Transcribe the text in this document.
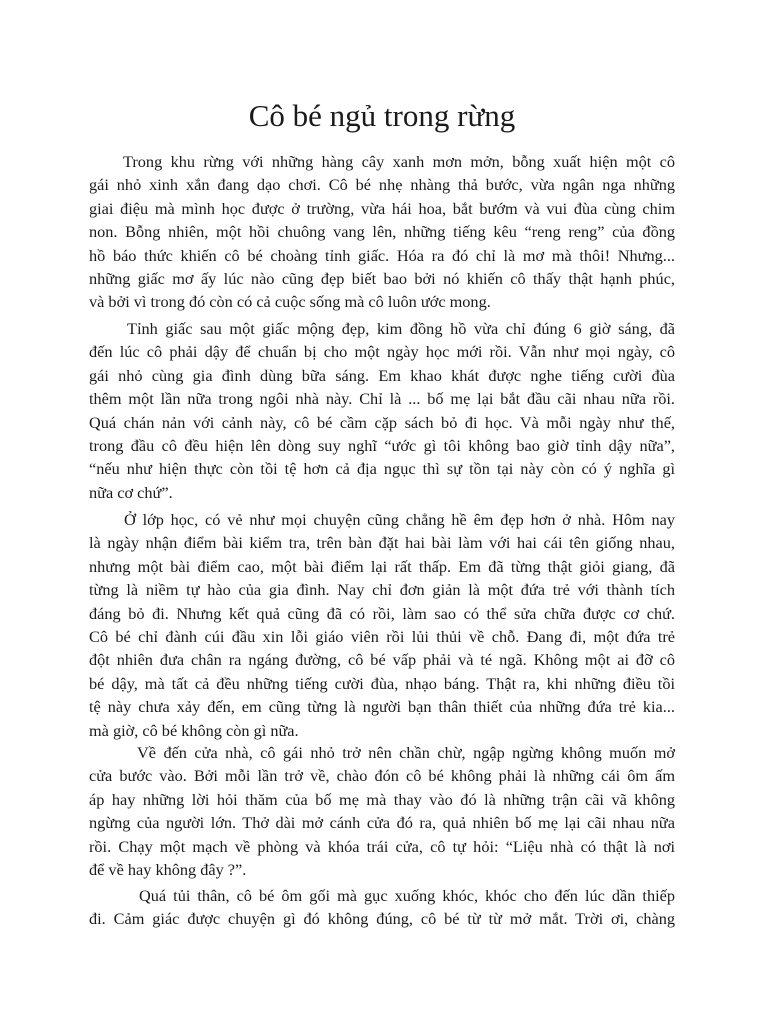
Cô bé ngủ trong rừng

Trong khu rừng với những hàng cây xanh mơn mởn, bỗng xuất hiện một cô
gái nhỏ xinh xắn đang dạo chơi. Cô bé nhẹ nhàng thả bước, vừa ngân nga những
giai điệu mà mình học được ở trường, vừa hái hoa, bắt bướm và vui đùa cùng chim
non. Bỗng nhiên, một hồi chuông vang lên, những tiếng kêu “reng reng” của đồng
hồ báo thức khiến cô bé choàng tỉnh giấc. Hóa ra đó chỉ là mơ mà thôi! Nhưng...
những giấc mơ ấy lúc nào cũng đẹp biết bao bởi nó khiến cô thấy thật hạnh phúc,
và bởi vì trong đó còn có cả cuộc sống mà cô luôn ước mong.

Tỉnh giấc sau một giấc mộng đẹp, kim đồng hồ vừa chỉ đúng 6 giờ sáng, đã
đến lúc cô phải dậy để chuẩn bị cho một ngày học mới rồi. Vẫn như mọi ngày, cô
gái nhỏ cùng gia đình dùng bữa sáng. Em khao khát được nghe tiếng cười đùa
thêm một lần nữa trong ngôi nhà này. Chỉ là ... bố mẹ lại bắt đầu cãi nhau nữa rồi.
Quá chán nản với cảnh này, cô bé cầm cặp sách bỏ đi học. Và mỗi ngày như thế,
trong đầu cô đều hiện lên dòng suy nghĩ “ước gì tôi không bao giờ tỉnh dậy nữa”,
“nếu như hiện thực còn tồi tệ hơn cả địa ngục thì sự tồn tại này còn có ý nghĩa gì
nữa cơ chứ”.

Ở lớp học, có vẻ như mọi chuyện cũng chẳng hề êm đẹp hơn ở nhà. Hôm nay
là ngày nhận điểm bài kiểm tra, trên bàn đặt hai bài làm với hai cái tên giống nhau,
nhưng một bài điểm cao, một bài điểm lại rất thấp. Em đã từng thật giỏi giang, đã
từng là niềm tự hào của gia đình. Nay chỉ đơn giản là một đứa trẻ với thành tích
đáng bỏ đi. Nhưng kết quả cũng đã có rồi, làm sao có thể sửa chữa được cơ chứ.
Cô bé chỉ đành cúi đầu xin lỗi giáo viên rồi lủi thủi về chỗ. Đang đi, một đứa trẻ
đột nhiên đưa chân ra ngáng đường, cô bé vấp phải và té ngã. Không một ai đỡ cô
bé dậy, mà tất cả đều những tiếng cười đùa, nhạo báng. Thật ra, khi những điều tồi
tệ này chưa xảy đến, em cũng từng là người bạn thân thiết của những đứa trẻ kia...
mà giờ, cô bé không còn gì nữa.

Về đến cửa nhà, cô gái nhỏ trở nên chần chừ, ngập ngừng không muốn mở
cửa bước vào. Bởi mỗi lần trở về, chào đón cô bé không phải là những cái ôm ấm
áp hay những lời hỏi thăm của bố mẹ mà thay vào đó là những trận cãi vã không
ngừng của người lớn. Thở dài mở cánh cửa đó ra, quả nhiên bố mẹ lại cãi nhau nữa
rồi. Chạy một mạch về phòng và khóa trái cửa, cô tự hỏi: “Liệu nhà có thật là nơi
để về hay không đây ?”.

Quá tủi thân, cô bé ôm gối mà gục xuống khóc, khóc cho đến lúc dần thiếp
đi. Cảm giác được chuyện gì đó không đúng, cô bé từ từ mở mắt. Trời ơi, chàng
